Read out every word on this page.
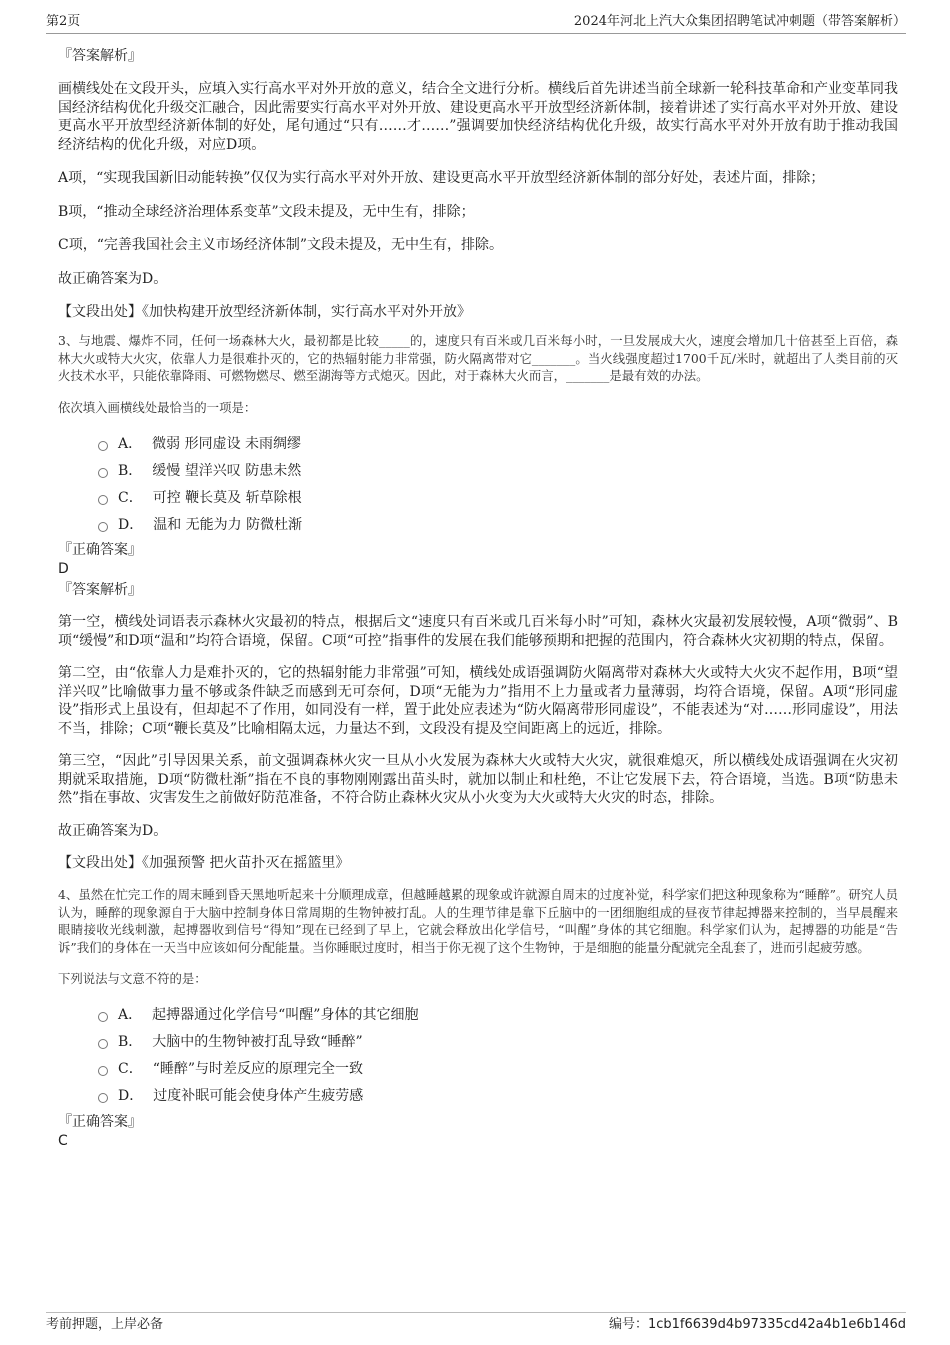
第2页	2024年河北上汽大众集团招聘笔试冲刺题（带答案解析）
『答案解析』
画横线处在文段开头，应填入实行高水平对外开放的意义，结合全文进行分析。横线后首先讲述当前全球新一轮科技革命和产业变革同我国经济结构优化升级交汇融合，因此需要实行高水平对外开放、建设更高水平开放型经济新体制，接着讲述了实行高水平对外开放、建设更高水平开放型经济新体制的好处，尾句通过“只有……才……”强调要加快经济结构优化升级，故实行高水平对外开放有助于推动我国经济结构的优化升级，对应D项。
A项，“实现我国新旧动能转换”仅仅为实行高水平对外开放、建设更高水平开放型经济新体制的部分好处，表述片面，排除；
B项，“推动全球经济治理体系变革”文段未提及，无中生有，排除；
C项，“完善我国社会主义市场经济体制”文段未提及，无中生有，排除。
故正确答案为D。
【文段出处】《加快构建开放型经济新体制，实行高水平对外开放》
3、与地震、爆炸不同，任何一场森林大火，最初都是比较_____的，速度只有百米或几百米每小时，一旦发展成大火，速度会增加几十倍甚至上百倍，森林大火或特大火灾，依靠人力是很难扑灭的，它的热辐射能力非常强，防火隔离带对它_______。当火线强度超过1700千瓦/米时，就超出了人类目前的灭火技术水平，只能依靠降雨、可燃物燃尽、燃至湖海等方式熄灭。因此，对于森林大火而言，_______是最有效的办法。
依次填入画横线处最恰当的一项是：
A． 微弱 形同虚设 未雨绸缪
B． 缓慢 望洋兴叹 防患未然
C． 可控 鞭长莫及 斩草除根
D． 温和 无能为力 防微杜渐
『正确答案』
D
『答案解析』
第一空，横线处词语表示森林火灾最初的特点，根据后文“速度只有百米或几百米每小时”可知，森林火灾最初发展较慢，A项“微弱”、B项“缓慢”和D项“温和”均符合语境，保留。C项“可控”指事件的发展在我们能够预期和把握的范围内，符合森林火灾初期的特点，保留。
第二空，由“依靠人力是难扑灭的，它的热辐射能力非常强”可知，横线处成语强调防火隔离带对森林大火或特大火灾不起作用，B项“望洋兴叹”比喻做事力量不够或条件缺乏而感到无可奈何，D项“无能为力”指用不上力量或者力量薄弱，均符合语境，保留。A项“形同虚设”指形式上虽设有，但却起不了作用，如同没有一样，置于此处应表述为“防火隔离带形同虚设”，不能表述为“对……形同虚设”，用法不当，排除；C项“鞭长莫及”比喻相隔太远，力量达不到，文段没有提及空间距离上的远近，排除。
第三空，“因此”引导因果关系，前文强调森林火灾一旦从小火发展为森林大火或特大火灾，就很难熄灭，所以横线处成语强调在火灾初期就采取措施，D项“防微杜渐”指在不良的事物刚刚露出苗头时，就加以制止和杜绝，不让它发展下去，符合语境，当选。B项“防患未然”指在事故、灾害发生之前做好防范准备，不符合防止森林火灾从小火变为大火或特大火灾的时态，排除。
故正确答案为D。
【文段出处】《加强预警 把火苗扑灭在摇篮里》
4、虽然在忙完工作的周末睡到昏天黑地听起来十分顺理成章，但越睡越累的现象或许就源自周末的过度补觉，科学家们把这种现象称为“睡醉”。研究人员认为，睡醉的现象源自于大脑中控制身体日常周期的生物钟被打乱。人的生理节律是靠下丘脑中的一团细胞组成的昼夜节律起搏器来控制的，当早晨醒来眼睛接收光线刺激，起搏器收到信号“得知”现在已经到了早上，它就会释放出化学信号，“叫醒”身体的其它细胞。科学家们认为，起搏器的功能是“告诉”我们的身体在一天当中应该如何分配能量。当你睡眠过度时，相当于你无视了这个生物钟，于是细胞的能量分配就完全乱套了，进而引起疲劳感。
下列说法与文意不符的是：
A． 起搏器通过化学信号“叫醒”身体的其它细胞
B． 大脑中的生物钟被打乱导致“睡醉”
C． “睡醉”与时差反应的原理完全一致
D． 过度补眠可能会使身体产生疲劳感
『正确答案』
C
考前押题，上岸必备	编号：1cb1f6639d4b97335cd42a4b1e6b146d
